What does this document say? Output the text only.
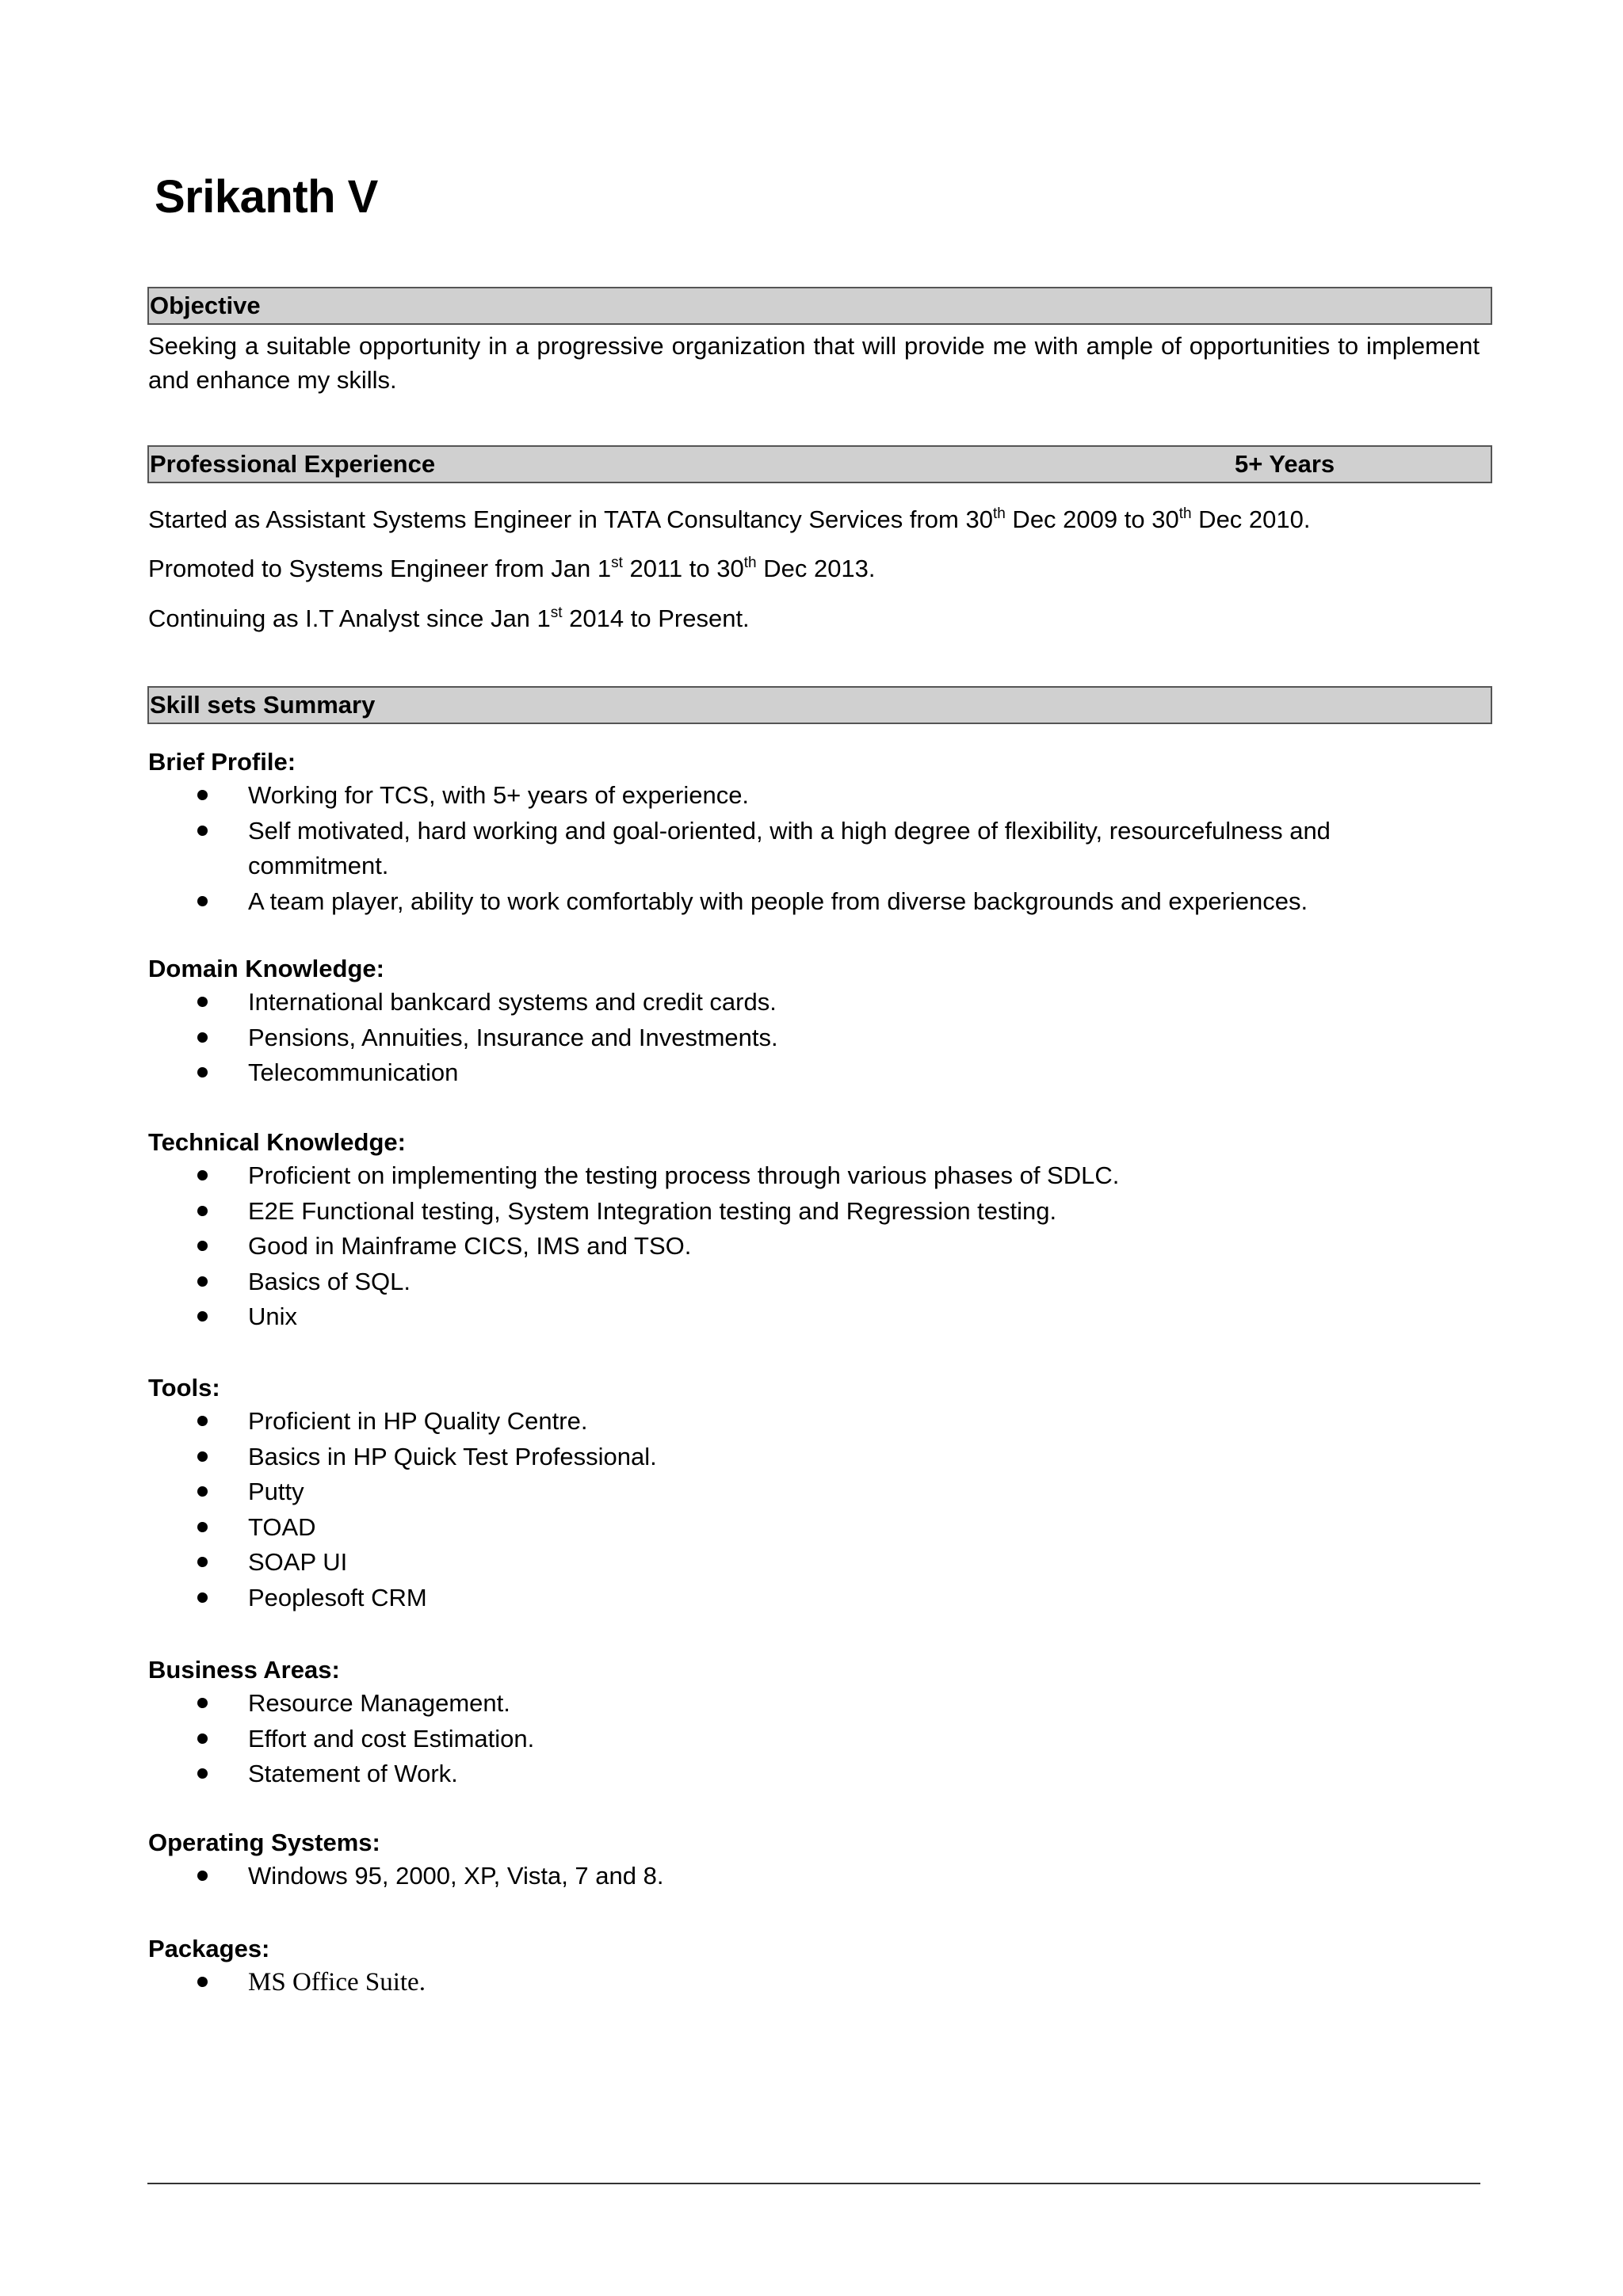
Srikanth V
Objective
Seeking a suitable opportunity in a progressive organization that will provide me with ample of opportunities to implement and enhance my skills.
Professional Experience	5+ Years
Started as Assistant Systems Engineer in TATA Consultancy Services from 30th Dec 2009 to 30th Dec 2010.
Promoted to Systems Engineer from Jan 1st 2011 to 30th Dec 2013.
Continuing as I.T Analyst since Jan 1st 2014 to Present.
Skill sets Summary
Brief Profile:
Working for TCS, with 5+ years of experience.
Self motivated, hard working and goal-oriented, with a high degree of flexibility, resourcefulness and commitment.
A team player, ability to work comfortably with people from diverse backgrounds and experiences.
Domain Knowledge:
International bankcard systems and credit cards.
Pensions, Annuities, Insurance and Investments.
Telecommunication
Technical Knowledge:
Proficient on implementing the testing process through various phases of SDLC.
E2E Functional testing, System Integration testing and Regression testing.
Good in Mainframe CICS, IMS and TSO.
Basics of SQL.
Unix
Tools:
Proficient in HP Quality Centre.
Basics in HP Quick Test Professional.
Putty
TOAD
SOAP UI
Peoplesoft CRM
Business Areas:
Resource Management.
Effort and cost Estimation.
Statement of Work.
Operating Systems:
Windows 95, 2000, XP, Vista, 7 and 8.
Packages:
MS Office Suite.
